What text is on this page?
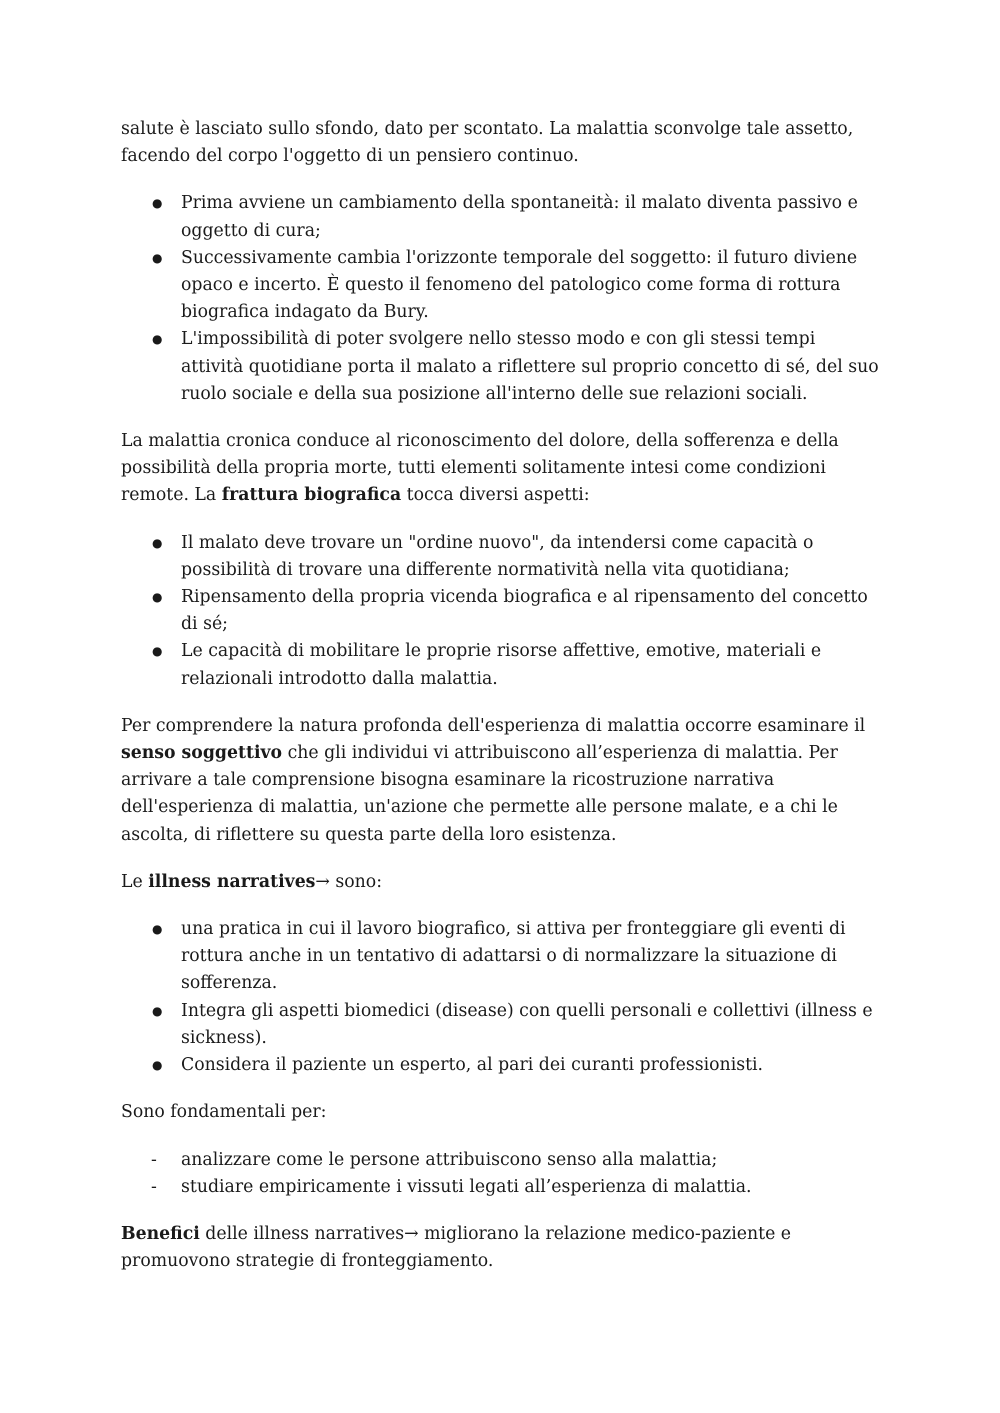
salute è lasciato sullo sfondo, dato per scontato. La malattia sconvolge tale assetto, facendo del corpo l'oggetto di un pensiero continuo.

● Prima avviene un cambiamento della spontaneità: il malato diventa passivo e oggetto di cura;
● Successivamente cambia l'orizzonte temporale del soggetto: il futuro diviene opaco e incerto. È questo il fenomeno del patologico come forma di rottura biografica indagato da Bury.
● L'impossibilità di poter svolgere nello stesso modo e con gli stessi tempi attività quotidiane porta il malato a riflettere sul proprio concetto di sé, del suo ruolo sociale e della sua posizione all'interno delle sue relazioni sociali.

La malattia cronica conduce al riconoscimento del dolore, della sofferenza e della possibilità della propria morte, tutti elementi solitamente intesi come condizioni remote. La frattura biografica tocca diversi aspetti:

● Il malato deve trovare un "ordine nuovo", da intendersi come capacità o possibilità di trovare una differente normatività nella vita quotidiana;
● Ripensamento della propria vicenda biografica e al ripensamento del concetto di sé;
● Le capacità di mobilitare le proprie risorse affettive, emotive, materiali e relazionali introdotto dalla malattia.

Per comprendere la natura profonda dell'esperienza di malattia occorre esaminare il senso soggettivo che gli individui vi attribuiscono all’esperienza di malattia. Per arrivare a tale comprensione bisogna esaminare la ricostruzione narrativa dell'esperienza di malattia, un'azione che permette alle persone malate, e a chi le ascolta, di riflettere su questa parte della loro esistenza.

Le illness narratives→ sono:

● una pratica in cui il lavoro biografico, si attiva per fronteggiare gli eventi di rottura anche in un tentativo di adattarsi o di normalizzare la situazione di sofferenza.
● Integra gli aspetti biomedici (disease) con quelli personali e collettivi (illness e sickness).
● Considera il paziente un esperto, al pari dei curanti professionisti.

Sono fondamentali per:

- analizzare come le persone attribuiscono senso alla malattia;
- studiare empiricamente i vissuti legati all’esperienza di malattia.

Benefici delle illness narratives→ migliorano la relazione medico-paziente e promuovono strategie di fronteggiamento.
